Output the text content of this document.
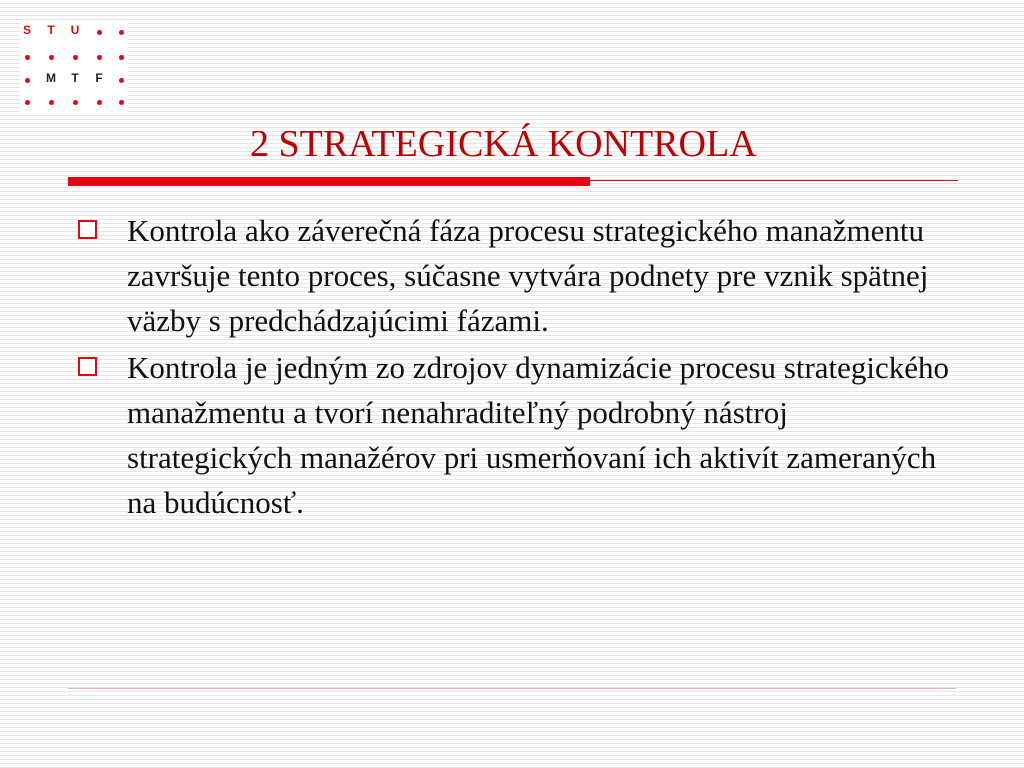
S T U
M T F
2 STRATEGICKÁ KONTROLA
Kontrola ako záverečná fáza procesu strategického manažmentu završuje tento proces, súčasne vytvára podnety pre vznik spätnej väzby s predchádzajúcimi fázami.
Kontrola je jedným zo zdrojov dynamizácie procesu strategického manažmentu a tvorí nenahraditeľný podrobný nástroj strategických manažérov pri usmerňovaní ich aktivít zameraných na budúcnosť.
